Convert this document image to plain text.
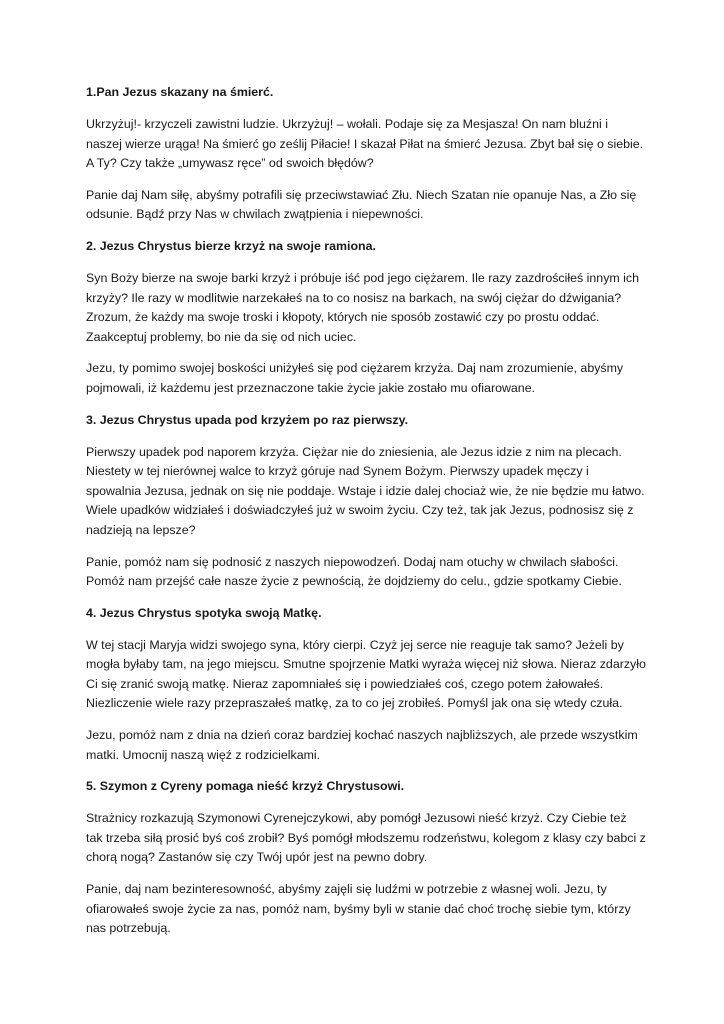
1.Pan Jezus skazany na śmierć.

Ukrzyżuj!- krzyczeli zawistni ludzie. Ukrzyżuj! – wołali. Podaje się za Mesjasza! On nam bluźni i naszej wierze urąga! Na śmierć go ześlij Piłacie! I skazał Piłat na śmierć Jezusa. Zbyt bał się o siebie. A Ty? Czy także „umywasz ręce” od swoich błędów?

Panie daj Nam siłę, abyśmy potrafili się przeciwstawiać Złu. Niech Szatan nie opanuje Nas, a Zło się odsunie. Bądź przy Nas w chwilach zwątpienia i niepewności.

2. Jezus Chrystus bierze krzyż na swoje ramiona.

Syn Boży bierze na swoje barki krzyż i próbuje iść pod jego ciężarem. Ile razy zazdrościłeś innym ich krzyży? Ile razy w modlitwie narzekałeś na to co nosisz na barkach, na swój ciężar do dźwigania? Zrozum, że każdy ma swoje troski i kłopoty, których nie sposób zostawić czy po prostu oddać. Zaakceptuj problemy, bo nie da się od nich uciec.

Jezu, ty pomimo swojej boskości uniżyłeś się pod ciężarem krzyża. Daj nam zrozumienie, abyśmy pojmowali, iż każdemu jest przeznaczone takie życie jakie zostało mu ofiarowane.

3. Jezus Chrystus upada pod krzyżem po raz pierwszy.

Pierwszy upadek pod naporem krzyża. Ciężar nie do zniesienia, ale Jezus idzie z nim na plecach. Niestety w tej nierównej walce to krzyż góruje nad Synem Bożym. Pierwszy upadek męczy i spowalnia Jezusa, jednak on się nie poddaje. Wstaje i idzie dalej chociaż wie, że nie będzie mu łatwo. Wiele upadków widziałeś i doświadczyłeś już w swoim życiu. Czy też, tak jak Jezus, podnosisz się z nadzieją na lepsze?

Panie, pomóż nam się podnosić z naszych niepowodzeń. Dodaj nam otuchy w chwilach słabości. Pomóż nam przejść całe nasze życie z pewnością, że dojdziemy do celu., gdzie spotkamy Ciebie.

4. Jezus Chrystus spotyka swoją Matkę.

W tej stacji Maryja widzi swojego syna, który cierpi. Czyż jej serce nie reaguje tak samo? Jeżeli by mogła byłaby tam, na jego miejscu. Smutne spojrzenie Matki wyraża więcej niż słowa. Nieraz zdarzyło Ci się zranić swoją matkę. Nieraz zapomniałeś się i powiedziałeś coś, czego potem żałowałeś. Niezliczenie wiele razy przepraszałeś matkę, za to co jej zrobiłeś. Pomyśl jak ona się wtedy czuła.

Jezu, pomóż nam z dnia na dzień coraz bardziej kochać naszych najbliższych, ale przede wszystkim matki. Umocnij naszą więź z rodzicielkami.

5. Szymon z Cyreny pomaga nieść krzyż Chrystusowi.

Strażnicy rozkazują Szymonowi Cyrenejczykowi, aby pomógł Jezusowi nieść krzyż. Czy Ciebie też tak trzeba siłą prosić byś coś zrobił? Byś pomógł młodszemu rodzeństwu, kolegom z klasy czy babci z chorą nogą? Zastanów się czy Twój upór jest na pewno dobry.

Panie, daj nam bezinteresowność, abyśmy zajęli się ludźmi w potrzebie z własnej woli. Jezu, ty ofiarowałeś swoje życie za nas, pomóż nam, byśmy byli w stanie dać choć trochę siebie tym, którzy nas potrzebują.
